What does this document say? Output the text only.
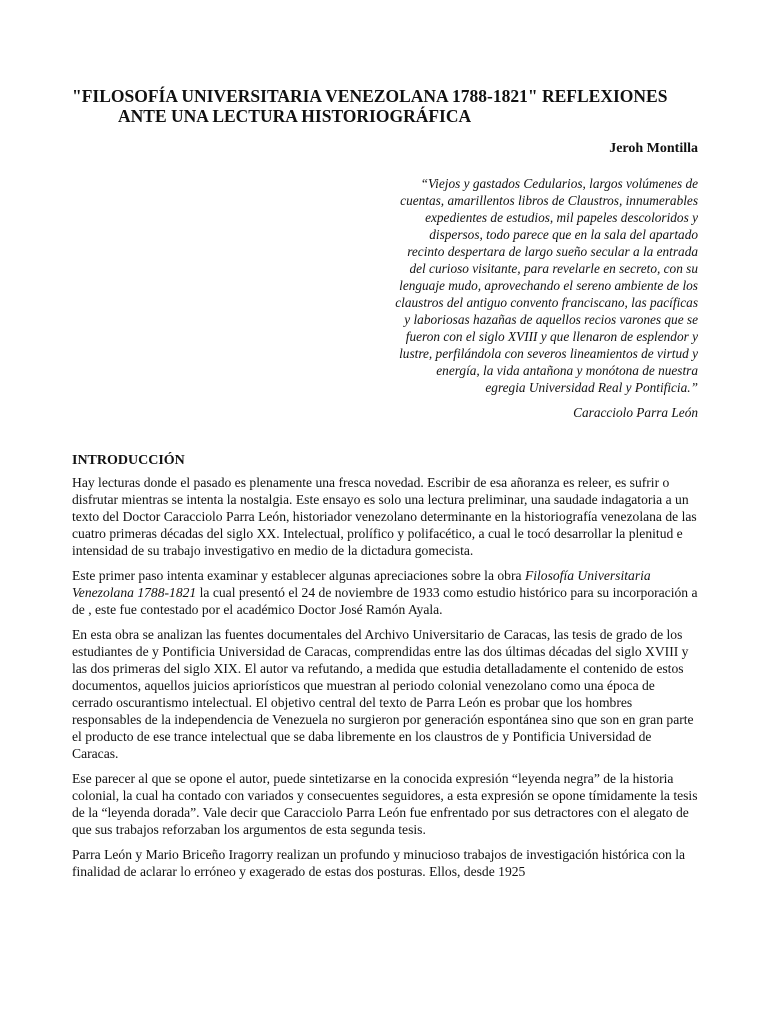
"FILOSOFÍA UNIVERSITARIA VENEZOLANA 1788-1821" REFLEXIONES
ANTE UNA LECTURA HISTORIOGRÁFICA
Jeroh Montilla
“Viejos y gastados Cedularios, largos volúmenes de
cuentas, amarillentos libros de Claustros, innumerables
expedientes de estudios, mil papeles descoloridos y
dispersos, todo parece que en la sala del apartado
recinto despertara de largo sueño secular a la entrada
del curioso visitante, para revelarle en secreto, con su
lenguaje mudo, aprovechando el sereno ambiente de los
claustros del antiguo convento franciscano, las pacíficas
y laboriosas hazañas de aquellos recios varones que se
fueron con el siglo XVIII y que llenaron de esplendor y
lustre, perfilándola con severos lineamientos de virtud y
energía, la vida antañona y monótona de nuestra
egregia Universidad Real y Pontificia.”
Caracciolo Parra León
INTRODUCCIÓN

Hay lecturas donde el pasado es plenamente una fresca novedad. Escribir de esa añoranza es releer, es sufrir o disfrutar mientras se intenta la nostalgia. Este ensayo es solo una lectura preliminar, una saudade indagatoria a un texto del Doctor Caracciolo Parra León, historiador venezolano determinante en la historiografía venezolana de las cuatro primeras décadas del siglo XX. Intelectual, prolífico y polifacético, a cual le tocó desarrollar la plenitud e intensidad de su trabajo investigativo en medio de la dictadura gomecista.

Este primer paso intenta examinar y establecer algunas apreciaciones sobre la obra Filosofía Universitaria Venezolana 1788-1821 la cual presentó el 24 de noviembre de 1933 como estudio histórico para su incorporación a de , este fue contestado por el académico Doctor José Ramón Ayala.

En esta obra se analizan las fuentes documentales del Archivo Universitario de Caracas, las tesis de grado de los estudiantes de y Pontificia Universidad de Caracas, comprendidas entre las dos últimas décadas del siglo XVIII y las dos primeras del siglo XIX. El autor va refutando, a medida que estudia detalladamente el contenido de estos documentos, aquellos juicios apriorísticos que muestran al periodo colonial venezolano como una época de cerrado oscurantismo intelectual. El objetivo central del texto de Parra León es probar que los hombres responsables de la independencia de Venezuela no surgieron por generación espontánea sino que son en gran parte el producto de ese trance intelectual que se daba libremente en los claustros de y Pontificia Universidad de Caracas.

Ese parecer al que se opone el autor, puede sintetizarse en la conocida expresión “leyenda negra” de la historia colonial, la cual ha contado con variados y consecuentes seguidores, a esta expresión se opone tímidamente la tesis de la “leyenda dorada”. Vale decir que Caracciolo Parra León fue enfrentado por sus detractores con el alegato de que sus trabajos reforzaban los argumentos de esta segunda tesis.

Parra León y Mario Briceño Iragorry realizan un profundo y minucioso trabajos de investigación histórica con la finalidad de aclarar lo erróneo y exagerado de estas dos posturas. Ellos, desde 1925
